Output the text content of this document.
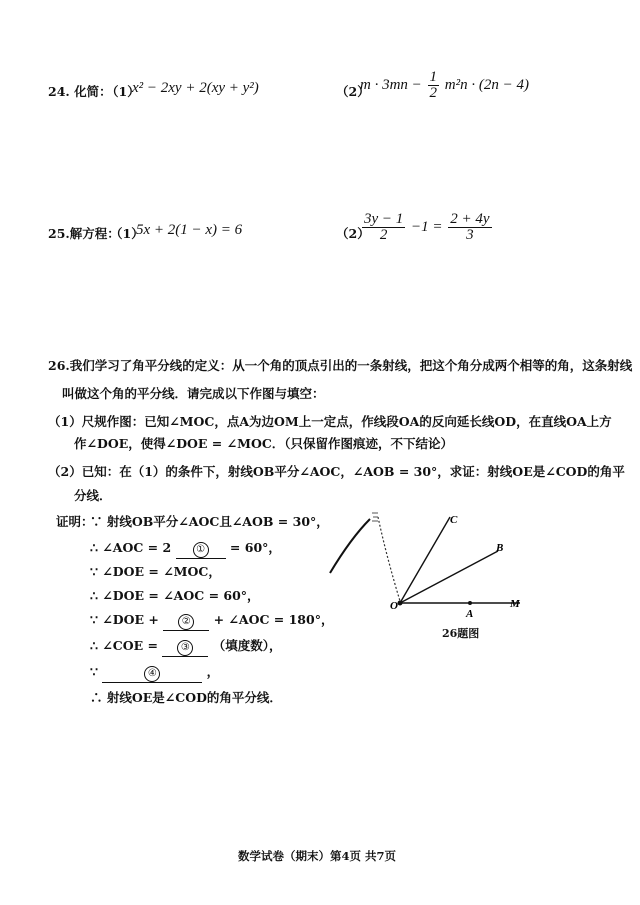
24. 化简：
（1）
x² − 2xy + 2(xy + y²)	（2）
$m \cdot 3mn - \frac{1}{2} m^2n \cdot (2n - 4)$
25.解方程：
（1）
5x + 2(1 − x) = 6	（2）
$\frac{3y - 1}{2} -1 = \frac{2 + 4y}{3}$
26.我们学习了角平分线的定义：从一个角的顶点引出的一条射线，把这个角分成两个相等的角，这条射线
叫做这个角的平分线．请完成以下作图与填空：
（1）尺规作图：已知∠MOC，点A为边OM上一定点，作线段OA的反向延长线OD，在直线OA上方
作∠DOE，使得∠DOE = ∠MOC．（只保留作图痕迹，不下结论）
（2）已知：在（1）的条件下，射线OB平分∠AOC，∠AOB = 30°，求证：射线OE是∠COD的角平
分线．
证明：
∵ 射线OB平分∠AOC且∠AOB = 30°，
∴ ∠AOC = 2 ① = 60°，
∵ ∠DOE = ∠MOC，
∴ ∠DOE = ∠AOC = 60°，
∵ ∠DOE + ② + ∠AOC = 180°，
∴ ∠COE = ③ （填度数），
∵	④	，
∴ 射线OE是∠COD的角平分线．
O
A
M
B
C
26题图
数学试卷（期末）第4页 共7页
